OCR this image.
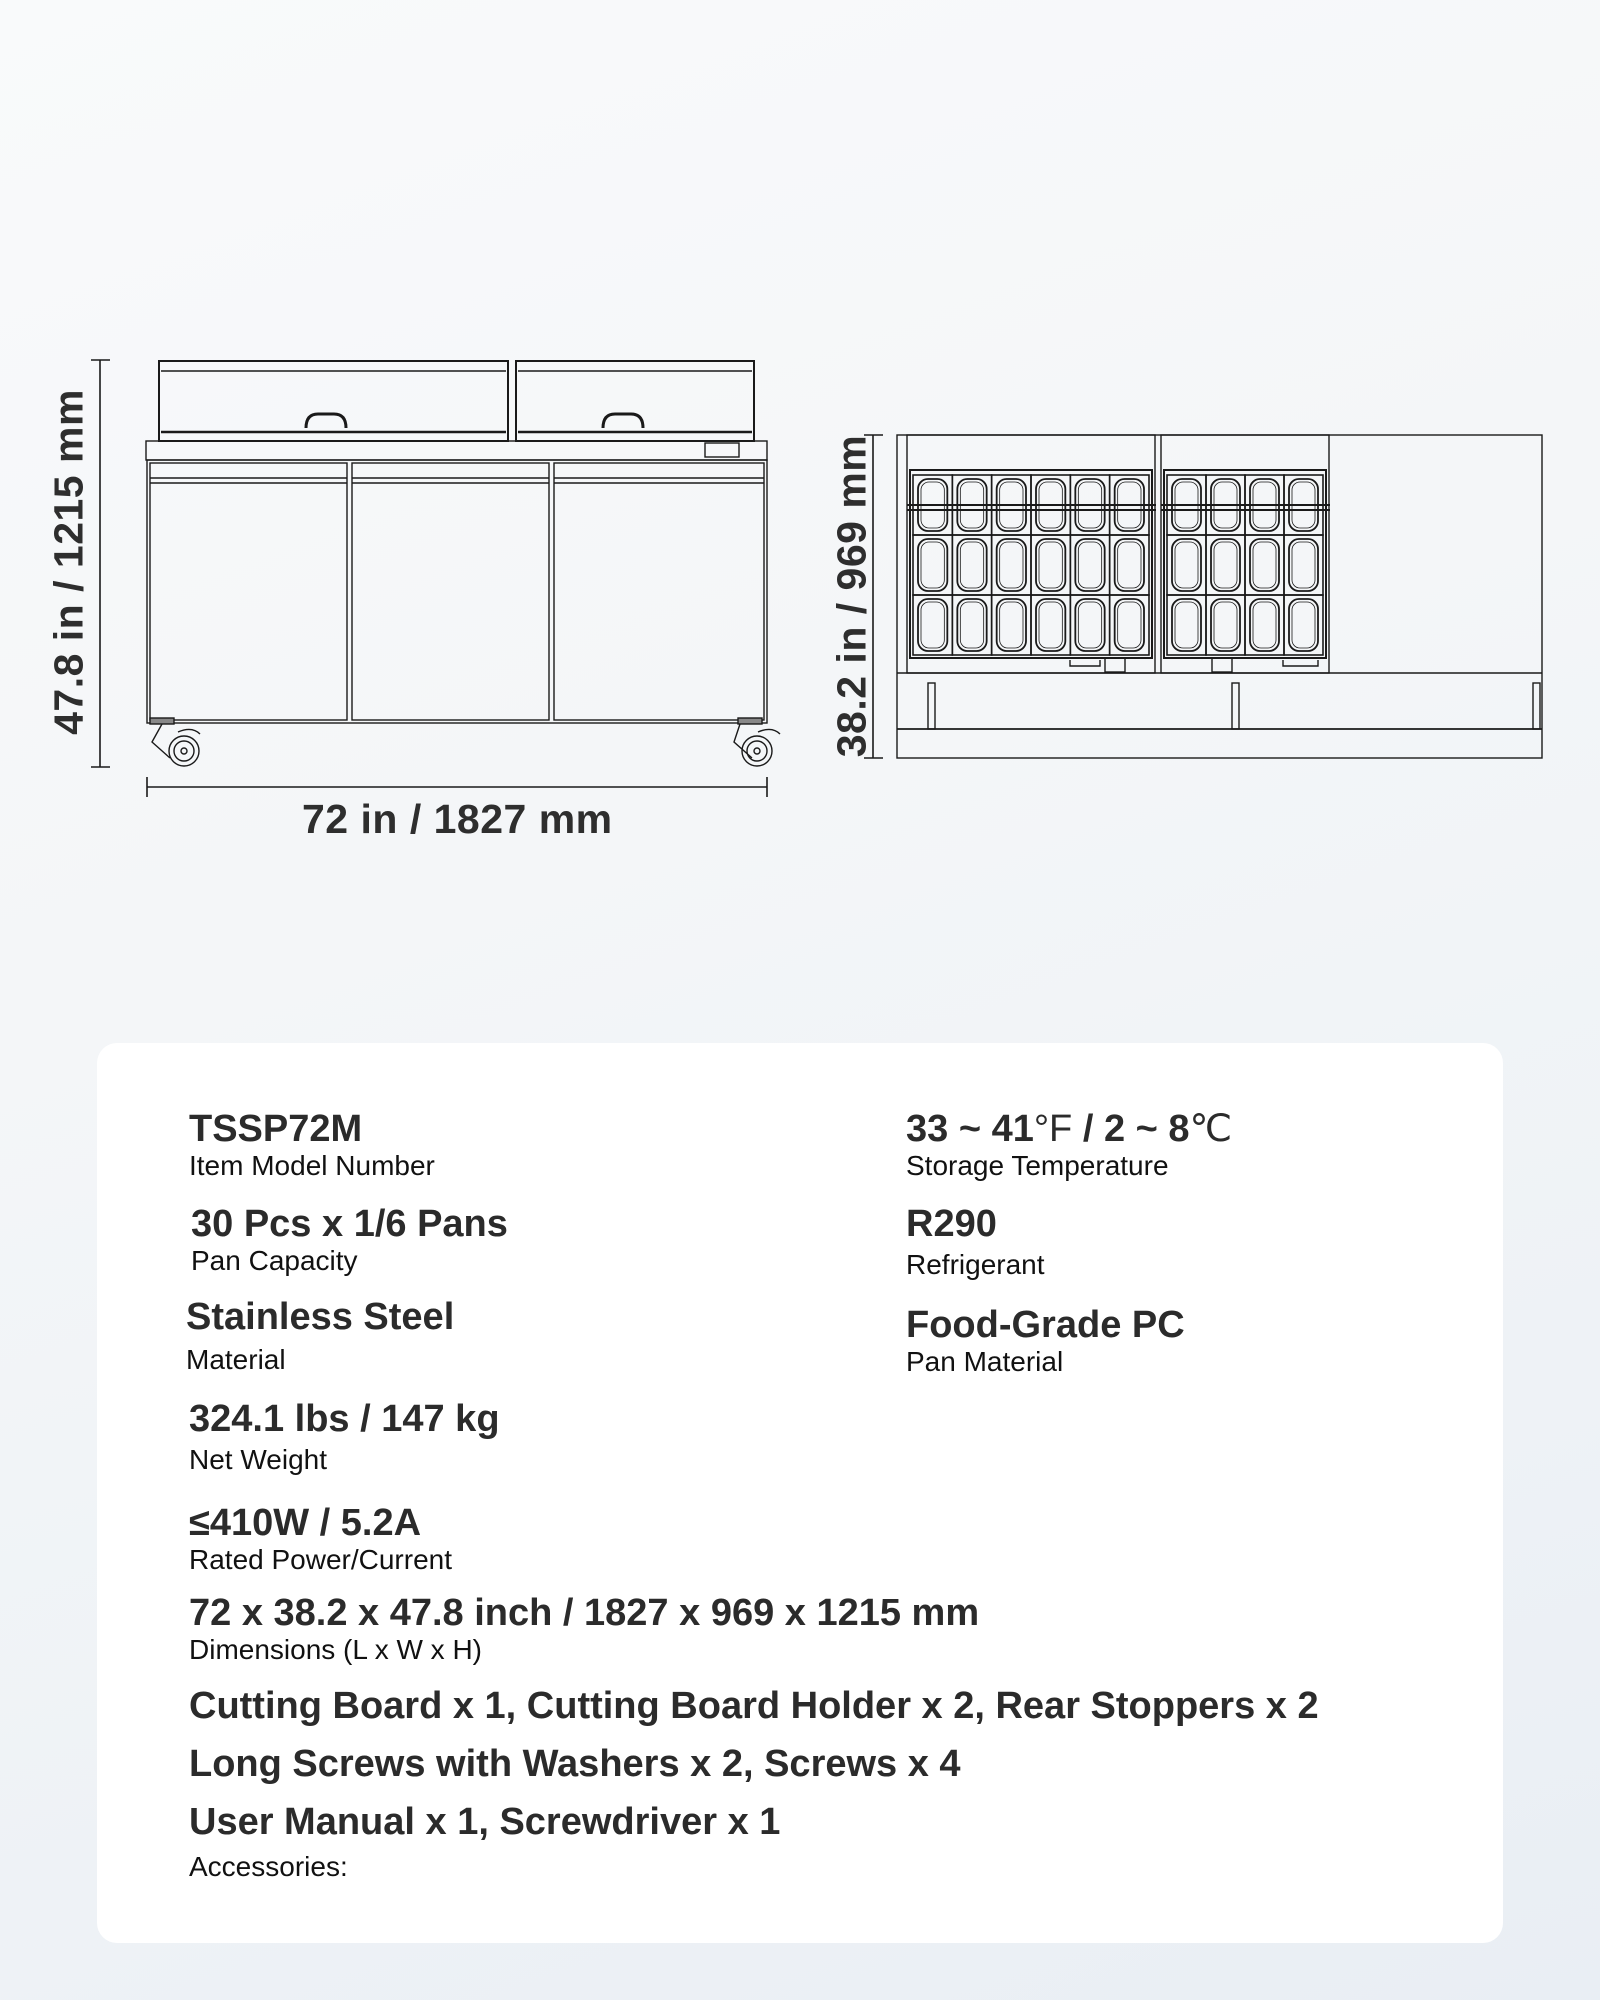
47.8 in / 1215 mm
72 in / 1827 mm
38.2 in / 969 mm
TSSP72M
Item Model Number
33 ~ 41°F / 2 ~ 8℃
Storage Temperature
30 Pcs x 1/6 Pans
Pan Capacity
R290
Refrigerant
Stainless Steel
Material
Food-Grade PC
Pan Material
324.1 lbs / 147 kg
Net Weight
≤410W / 5.2A
Rated Power/Current
72 x 38.2 x 47.8 inch / 1827 x 969 x 1215 mm
Dimensions (L x W x H)
Cutting Board x 1, Cutting Board Holder x 2, Rear Stoppers x 2
Long Screws with Washers x 2, Screws x 4
User Manual x 1, Screwdriver x 1
Accessories:
